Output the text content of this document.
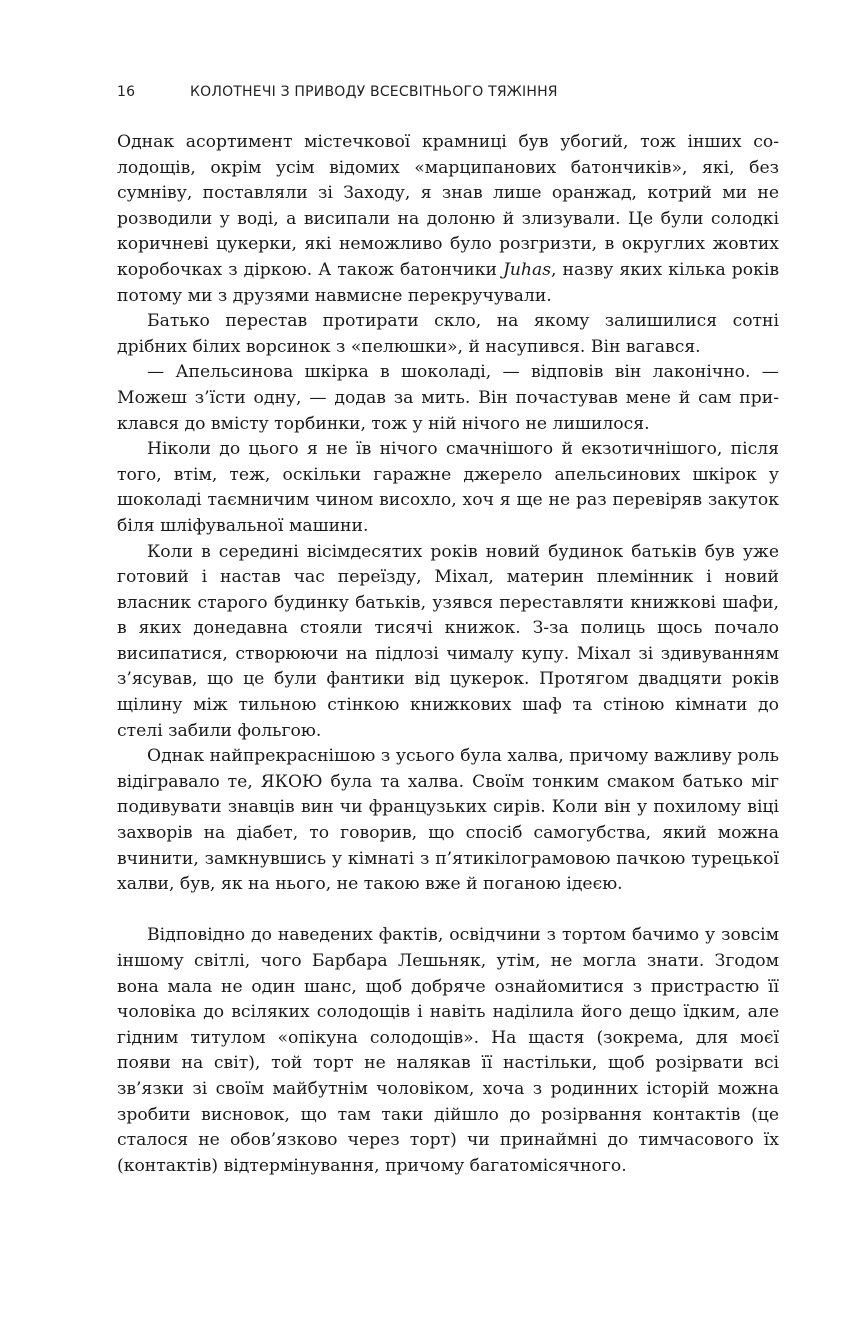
16	КОЛОТНЕЧІ З ПРИВОДУ ВСЕСВІТНЬОГО ТЯЖІННЯ

Однак асортимент містечкової крамниці був убогий, тож інших солодощів, окрім усім відомих «марципанових батончиків», які, без сумніву, поставляли зі Заходу, я знав лише оранжад, котрий ми не розводили у воді, а висипали на долоню й злизували. Це були солодкі коричневі цукерки, які неможливо було розгризти, в округлих жовтих коробочках з діркою. А також батончики Juhas, назву яких кілька років потому ми з друзями навмисне перекручували.

Батько перестав протирати скло, на якому залишилися сотні дрібних білих ворсинок з «пелюшки», й насупився. Він вагався.

— Апельсинова шкірка в шоколаді, — відповів він лаконічно. — Можеш з’їсти одну, — додав за мить. Він почастував мене й сам приклався до вмісту торбинки, тож у ній нічого не лишилося.

Ніколи до цього я не їв нічого смачнішого й екзотичнішого, після того, втім, теж, оскільки гаражне джерело апельсинових шкірок у шоколаді таємничим чином висохло, хоч я ще не раз перевіряв закуток біля шліфувальної машини.

Коли в середині вісімдесятих років новий будинок батьків був уже готовий і настав час переїзду, Міхал, материн племінник і новий власник старого будинку батьків, узявся переставляти книжкові шафи, в яких донедавна стояли тисячі книжок. З-за полиць щось почало висипатися, створюючи на підлозі чималу купу. Міхал зі здивуванням з’ясував, що це були фантики від цукерок. Протягом двадцяти років щілину між тильною стінкою книжкових шаф та стіною кімнати до стелі забили фольгою.

Однак найпрекраснішою з усього була халва, причому важливу роль відігравало те, ЯКОЮ була та халва. Своїм тонким смаком батько міг подивувати знавців вин чи французьких сирів. Коли він у похилому віці захворів на діабет, то говорив, що спосіб самогубства, який можна вчинити, замкнувшись у кімнаті з п’ятикілограмовою пачкою турецької халви, був, як на нього, не такою вже й поганою ідеєю.

Відповідно до наведених фактів, освідчини з тортом бачимо у зовсім іншому світлі, чого Барбара Лешьняк, утім, не могла знати. Згодом вона мала не один шанс, щоб добряче ознайомитися з пристрастю її чоловіка до всіляких солодощів і навіть наділила його дещо їдким, але гідним титулом «опікуна солодощів». На щастя (зокрема, для моєї появи на світ), той торт не налякав її настільки, щоб розірвати всі зв’язки зі своїм майбутнім чоловіком, хоча з родинних історій можна зробити висновок, що там таки дійшло до розірвання контактів (це сталося не обов’язково через торт) чи принаймні до тимчасового їх (контактів) відтермінування, причому багатомісячного.
